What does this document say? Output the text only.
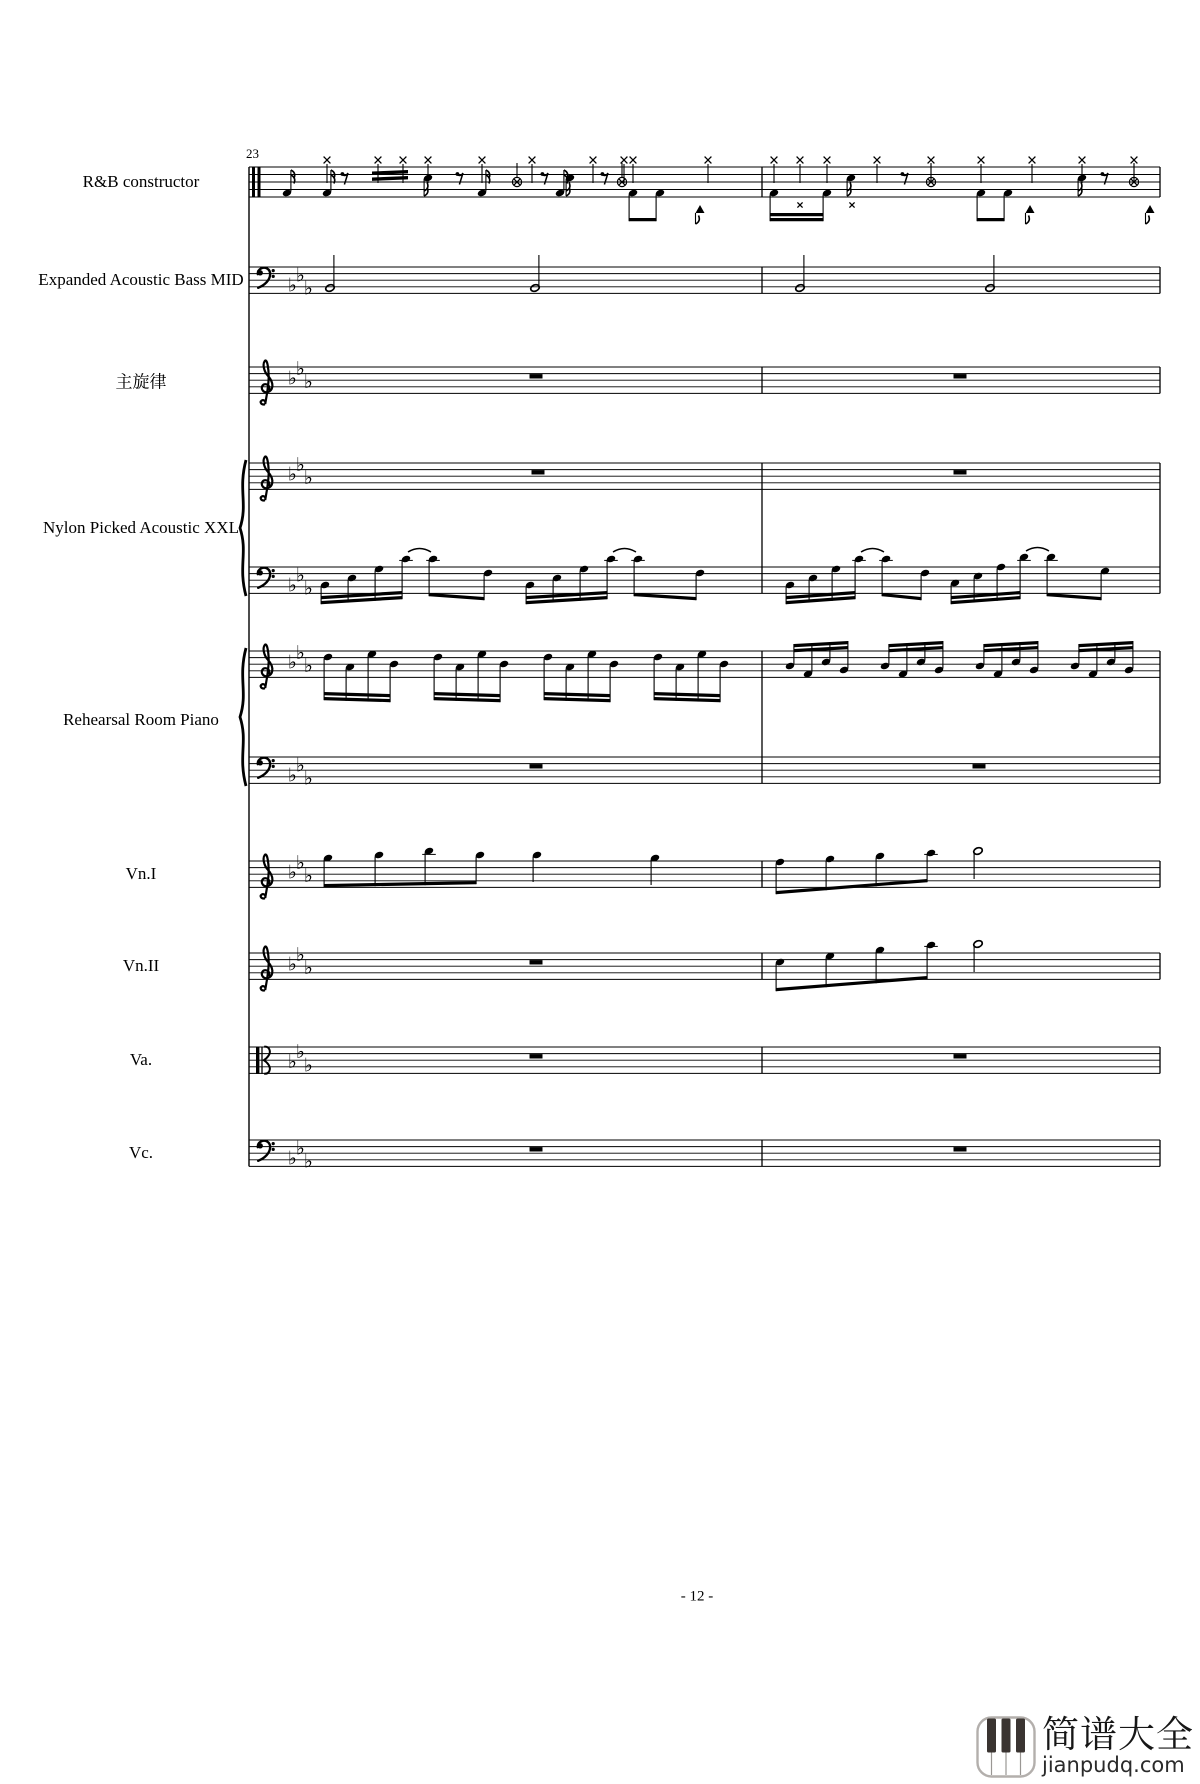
♭ ♭
♭
♭ ♭
♭
♭ ♭
♭
♭ ♭
♭
♭ ♭
♭
♭ ♭
♭
♭ ♭
♭
♭ ♭
♭
♭ ♭
♭
♭ ♭
♭
R&B constructor
Expanded Acoustic Bass MID
主旋律
Nylon Picked Acoustic XXL
Rehearsal Room Piano
Vn.I
Vn.II
Va.
Vc.
23
- 12 -
简谱大全
jianpudq.com
